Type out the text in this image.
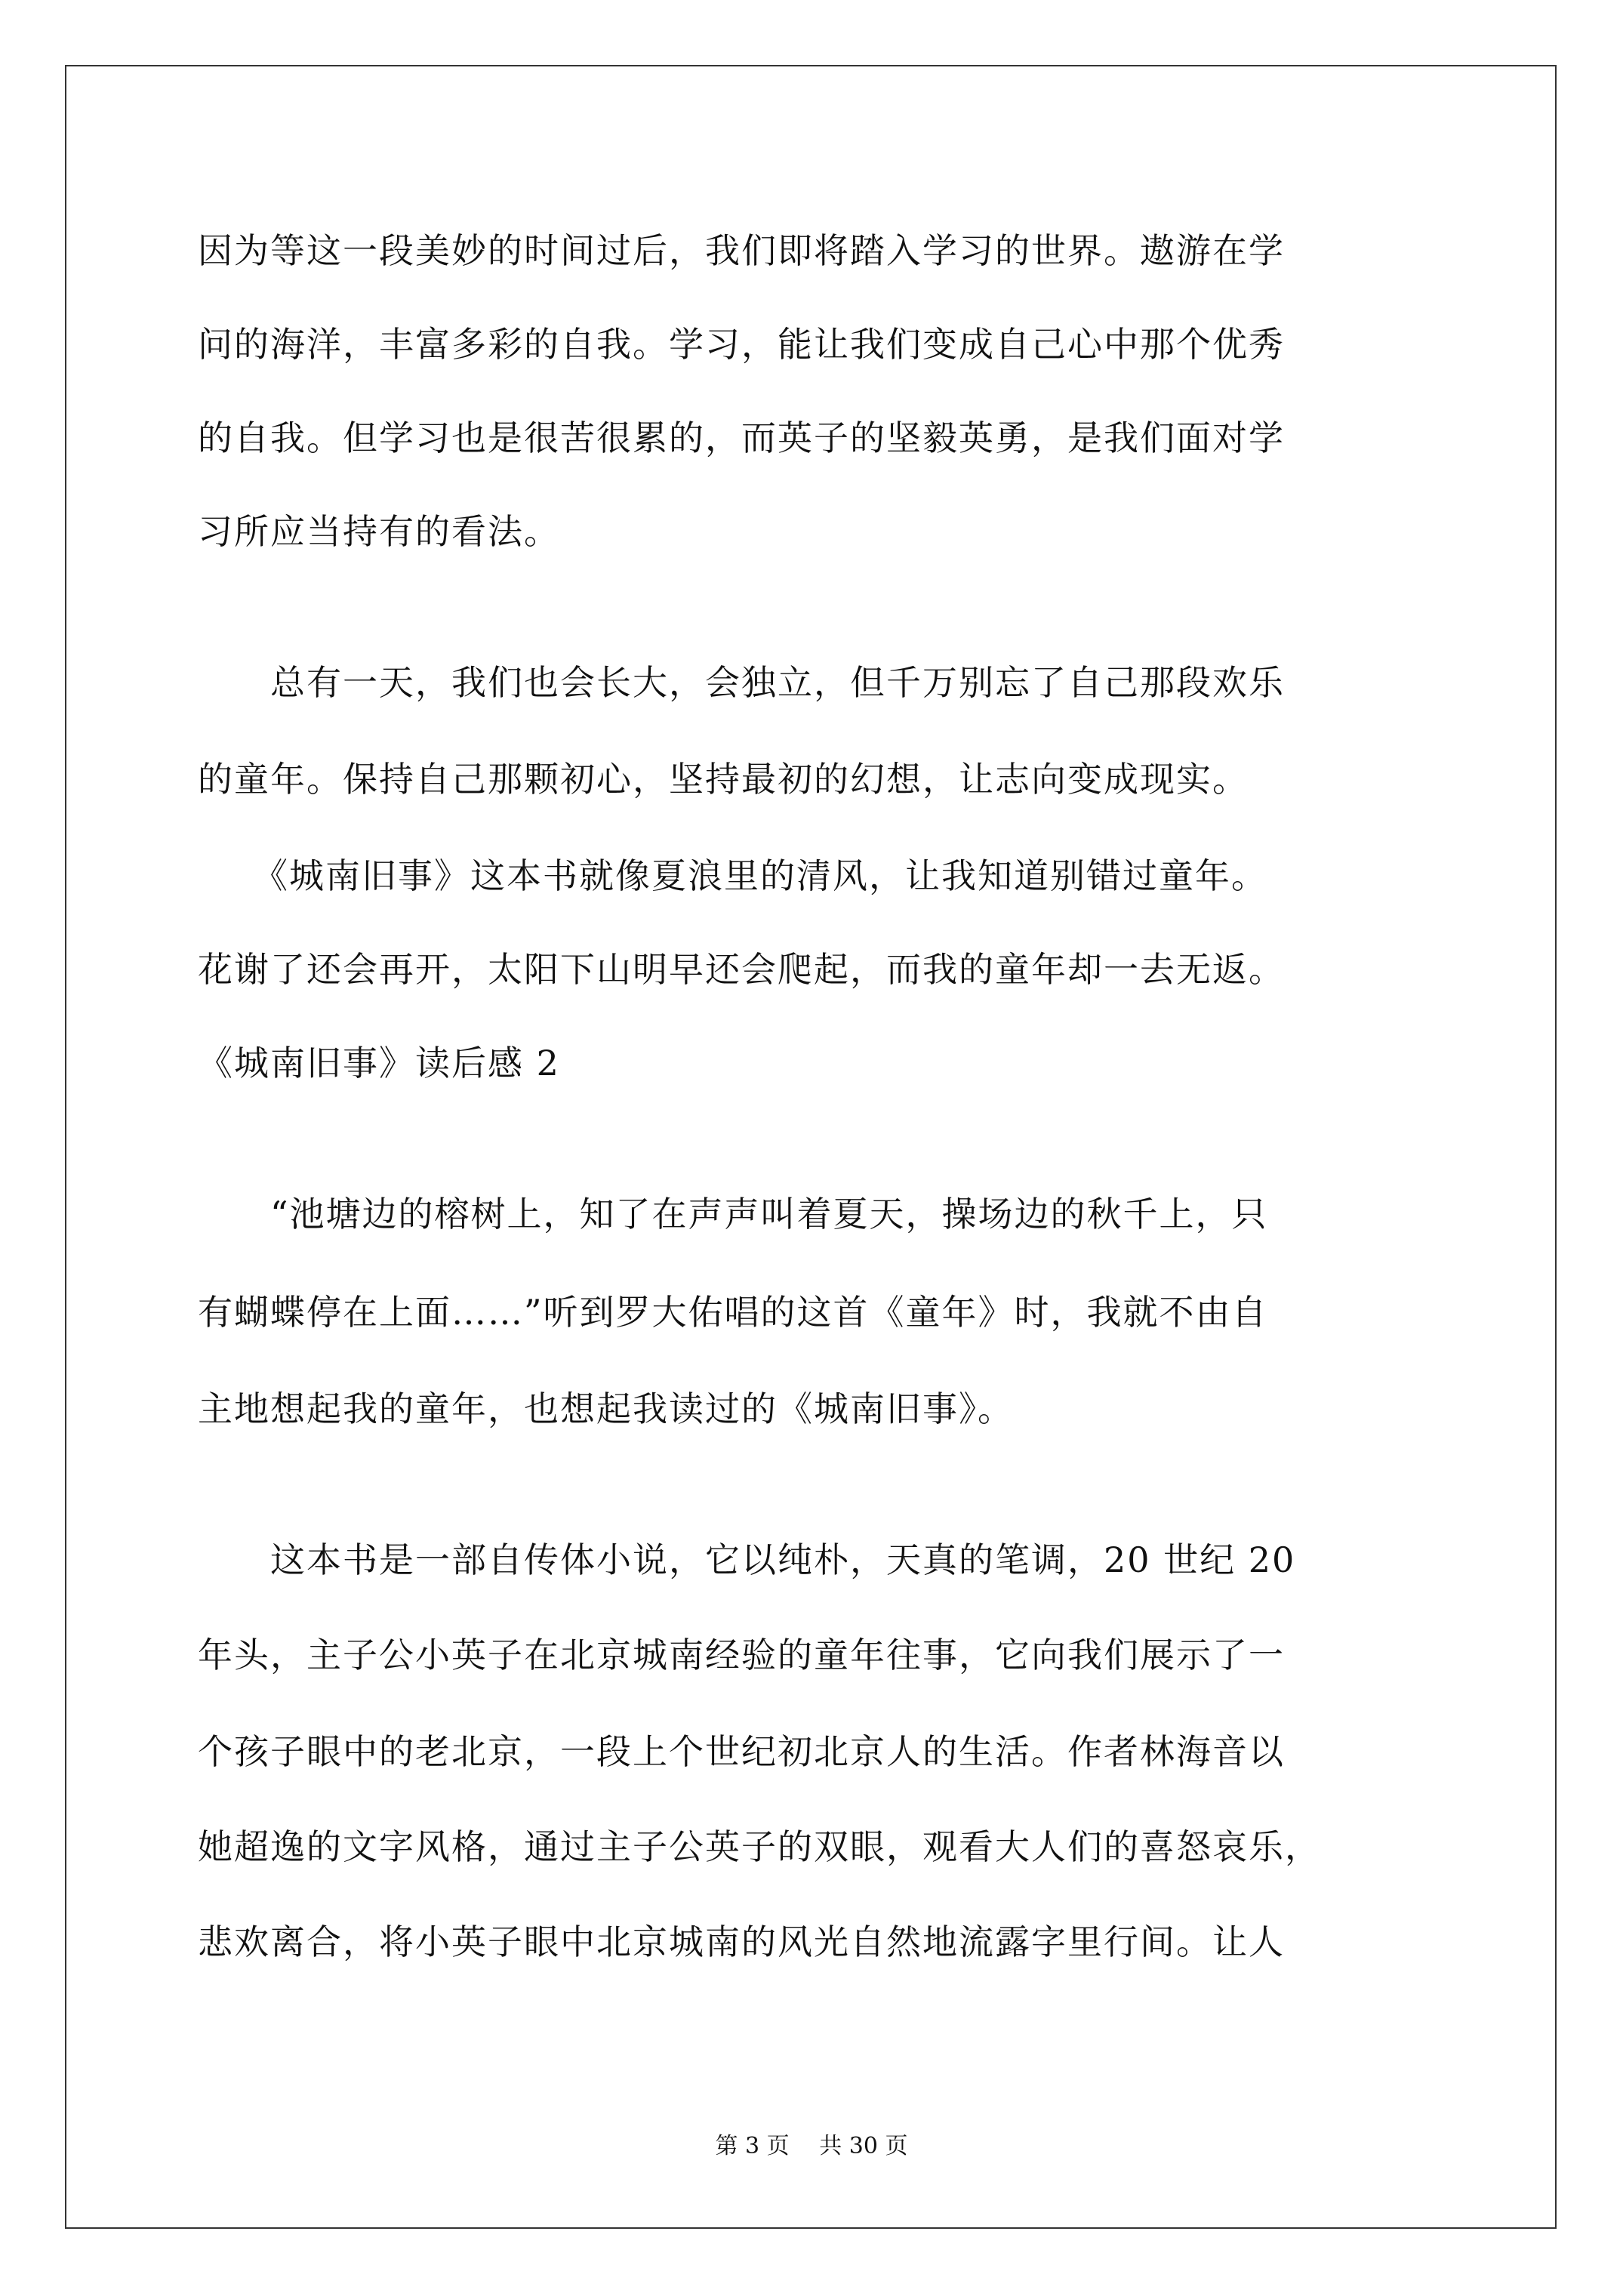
因为等这一段美妙的时间过后，我们即将踏入学习的世界。遨游在学
问的海洋，丰富多彩的自我。学习，能让我们变成自己心中那个优秀
的自我。但学习也是很苦很累的，而英子的坚毅英勇，是我们面对学
习所应当持有的看法。
　　总有一天，我们也会长大，会独立，但千万别忘了自己那段欢乐
的童年。保持自己那颗初心，坚持最初的幻想，让志向变成现实。
　　《城南旧事》这本书就像夏浪里的清风，让我知道别错过童年。
花谢了还会再开，太阳下山明早还会爬起，而我的童年却一去无返。
《城南旧事》读后感 2
　　“池塘边的榕树上，知了在声声叫着夏天，操场边的秋千上，只
有蝴蝶停在上面……”听到罗大佑唱的这首《童年》时，我就不由自
主地想起我的童年，也想起我读过的《城南旧事》。
　　这本书是一部自传体小说，它以纯朴，天真的笔调，20 世纪 20
年头，主子公小英子在北京城南经验的童年往事，它向我们展示了一
个孩子眼中的老北京，一段上个世纪初北京人的生活。作者林海音以
她超逸的文字风格，通过主子公英子的双眼，观看大人们的喜怒哀乐，
悲欢离合，将小英子眼中北京城南的风光自然地流露字里行间。让人
第 3 页　 共 30 页
